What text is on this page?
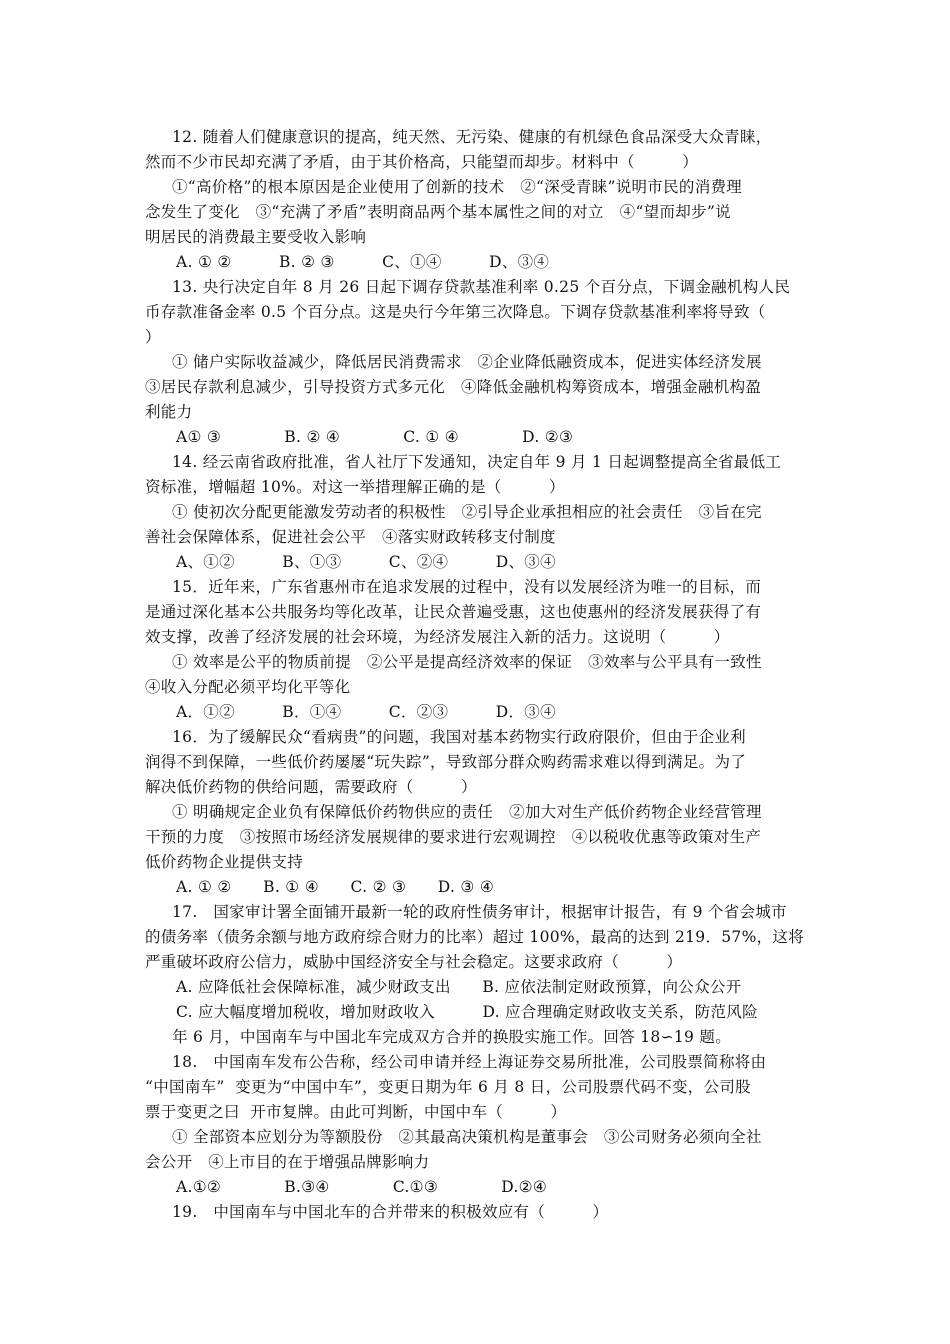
12. 随着人们健康意识的提高，纯天然、无污染、健康的有机绿色食品深受大众青睐，
然而不少市民却充满了矛盾，由于其价格高，只能望而却步。材料中（　　　）
①“高价格”的根本原因是企业使用了创新的技术　②“深受青睐”说明市民的消费理
念发生了变化　③“充满了矛盾”表明商品两个基本属性之间的对立　④“望而却步”说
明居民的消费最主要受收入影响
A. ① ②　　　B. ② ③　　　C、①④　　　D、③④
13. 央行决定自年 8 月 26 日起下调存贷款基准利率 0.25 个百分点，下调金融机构人民
币存款准备金率 0.5 个百分点。这是央行今年第三次降息。下调存贷款基准利率将导致（
）
① 储户实际收益减少，降低居民消费需求　②企业降低融资成本，促进实体经济发展
③居民存款利息减少，引导投资方式多元化　④降低金融机构筹资成本，增强金融机构盈
利能力
A① ③　　　　B. ② ④　　　　C. ① ④　　　　D. ②③
14. 经云南省政府批准，省人社厅下发通知，决定自年 9 月 1 日起调整提高全省最低工
资标准，增幅超 10%。对这一举措理解正确的是（　　　）
① 使初次分配更能激发劳动者的积极性　②引导企业承担相应的社会责任　③旨在完
善社会保障体系，促进社会公平　④落实财政转移支付制度
A、①②　　　B、①③　　　C、②④　　　D、③④
15．近年来，广东省惠州市在追求发展的过程中，没有以发展经济为唯一的目标，而
是通过深化基本公共服务均等化改革，让民众普遍受惠，这也使惠州的经济发展获得了有
效支撑，改善了经济发展的社会环境，为经济发展注入新的活力。这说明（　　　）
① 效率是公平的物质前提　②公平是提高经济效率的保证　③效率与公平具有一致性
④收入分配必须平均化平等化
A．①②　　　B．①④　　　C．②③　　　D．③④
16．为了缓解民众“看病贵”的问题，我国对基本药物实行政府限价，但由于企业利
润得不到保障，一些低价药屡屡“玩失踪”，导致部分群众购药需求难以得到满足。为了
解决低价药物的供给问题，需要政府（　　　）
① 明确规定企业负有保障低价药物供应的责任　②加大对生产低价药物企业经营管理
干预的力度　③按照市场经济发展规律的要求进行宏观调控　④以税收优惠等政策对生产
低价药物企业提供支持
A. ① ②　　B. ① ④　　C. ② ③　　D. ③ ④
17.　国家审计署全面铺开最新一轮的政府性债务审计，根据审计报告，有 9 个省会城市
的债务率（债务余额与地方政府综合财力的比率）超过 100%，最高的达到 219．57%，这将
严重破坏政府公信力，威胁中国经济安全与社会稳定。这要求政府（　　　）
A. 应降低社会保障标准，减少财政支出　　B. 应依法制定财政预算，向公众公开
C. 应大幅度增加税收，增加财政收入　　　D. 应合理确定财政收支关系，防范风险
年 6 月，中国南车与中国北车完成双方合并的换股实施工作。回答 18∽19 题。
18.　中国南车发布公告称，经公司申请并经上海证券交易所批准，公司股票简称将由
“中国南车”  变更为“中国中车”，变更日期为年 6 月 8 日，公司股票代码不变，公司股
票于变更之曰  开市复牌。由此可判断，中国中车（　　　）
① 全部资本应划分为等额股份　②其最高决策机构是董事会　③公司财务必须向全社
会公开　④上市目的在于增强品牌影响力
A.①②　　　　B.③④　　　　C.①③　　　　D.②④
19.　中国南车与中国北车的合并带来的积极效应有（　　　）
